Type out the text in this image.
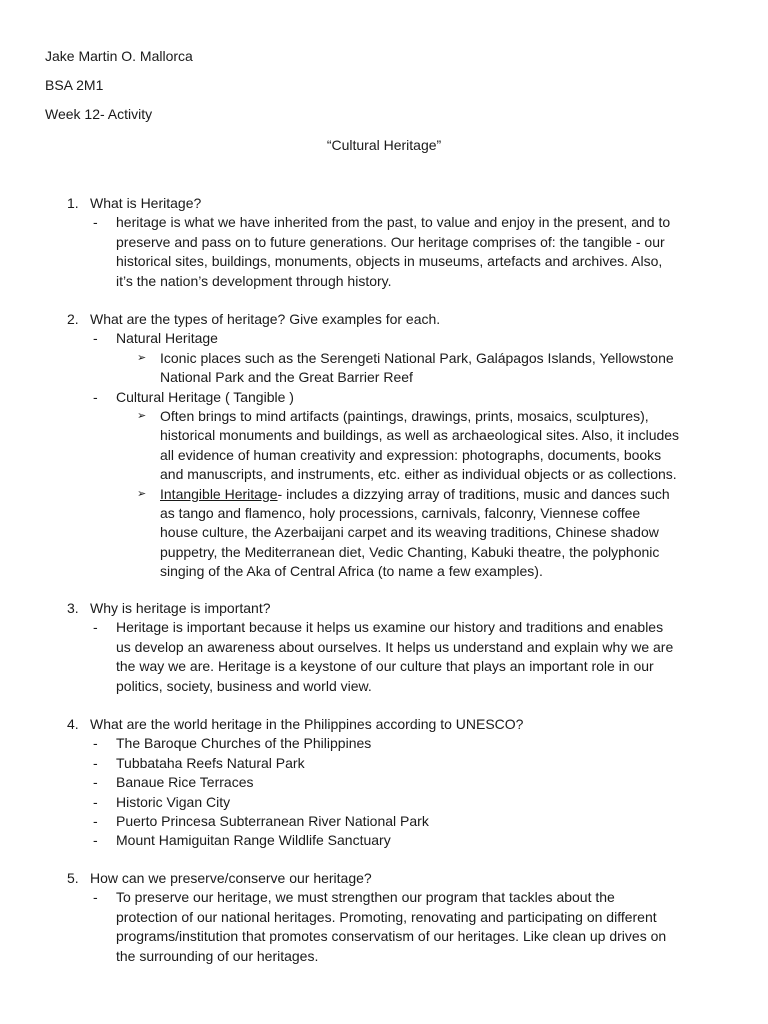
Jake Martin O. Mallorca
BSA 2M1
Week 12- Activity
“Cultural Heritage”
1. What is Heritage?
- heritage is what we have inherited from the past, to value and enjoy in the present, and to
preserve and pass on to future generations. Our heritage comprises of: the tangible - our
historical sites, buildings, monuments, objects in museums, artefacts and archives. Also,
it’s the nation’s development through history.
2. What are the types of heritage? Give examples for each.
- Natural Heritage
➢ Iconic places such as the Serengeti National Park, Galápagos Islands, Yellowstone
National Park and the Great Barrier Reef
- Cultural Heritage ( Tangible )
➢ Often brings to mind artifacts (paintings, drawings, prints, mosaics, sculptures),
historical monuments and buildings, as well as archaeological sites. Also, it includes
all evidence of human creativity and expression: photographs, documents, books
and manuscripts, and instruments, etc. either as individual objects or as collections.
➢ Intangible Heritage- includes a dizzying array of traditions, music and dances such
as tango and flamenco, holy processions, carnivals, falconry, Viennese coffee
house culture, the Azerbaijani carpet and its weaving traditions, Chinese shadow
puppetry, the Mediterranean diet, Vedic Chanting, Kabuki theatre, the polyphonic
singing of the Aka of Central Africa (to name a few examples).
3. Why is heritage is important?
- Heritage is important because it helps us examine our history and traditions and enables
us develop an awareness about ourselves. It helps us understand and explain why we are
the way we are. Heritage is a keystone of our culture that plays an important role in our
politics, society, business and world view.
4. What are the world heritage in the Philippines according to UNESCO?
- The Baroque Churches of the Philippines
- Tubbataha Reefs Natural Park
- Banaue Rice Terraces
- Historic Vigan City
- Puerto Princesa Subterranean River National Park
- Mount Hamiguitan Range Wildlife Sanctuary
5. How can we preserve/conserve our heritage?
- To preserve our heritage, we must strengthen our program that tackles about the
protection of our national heritages. Promoting, renovating and participating on different
programs/institution that promotes conservatism of our heritages. Like clean up drives on
the surrounding of our heritages.
